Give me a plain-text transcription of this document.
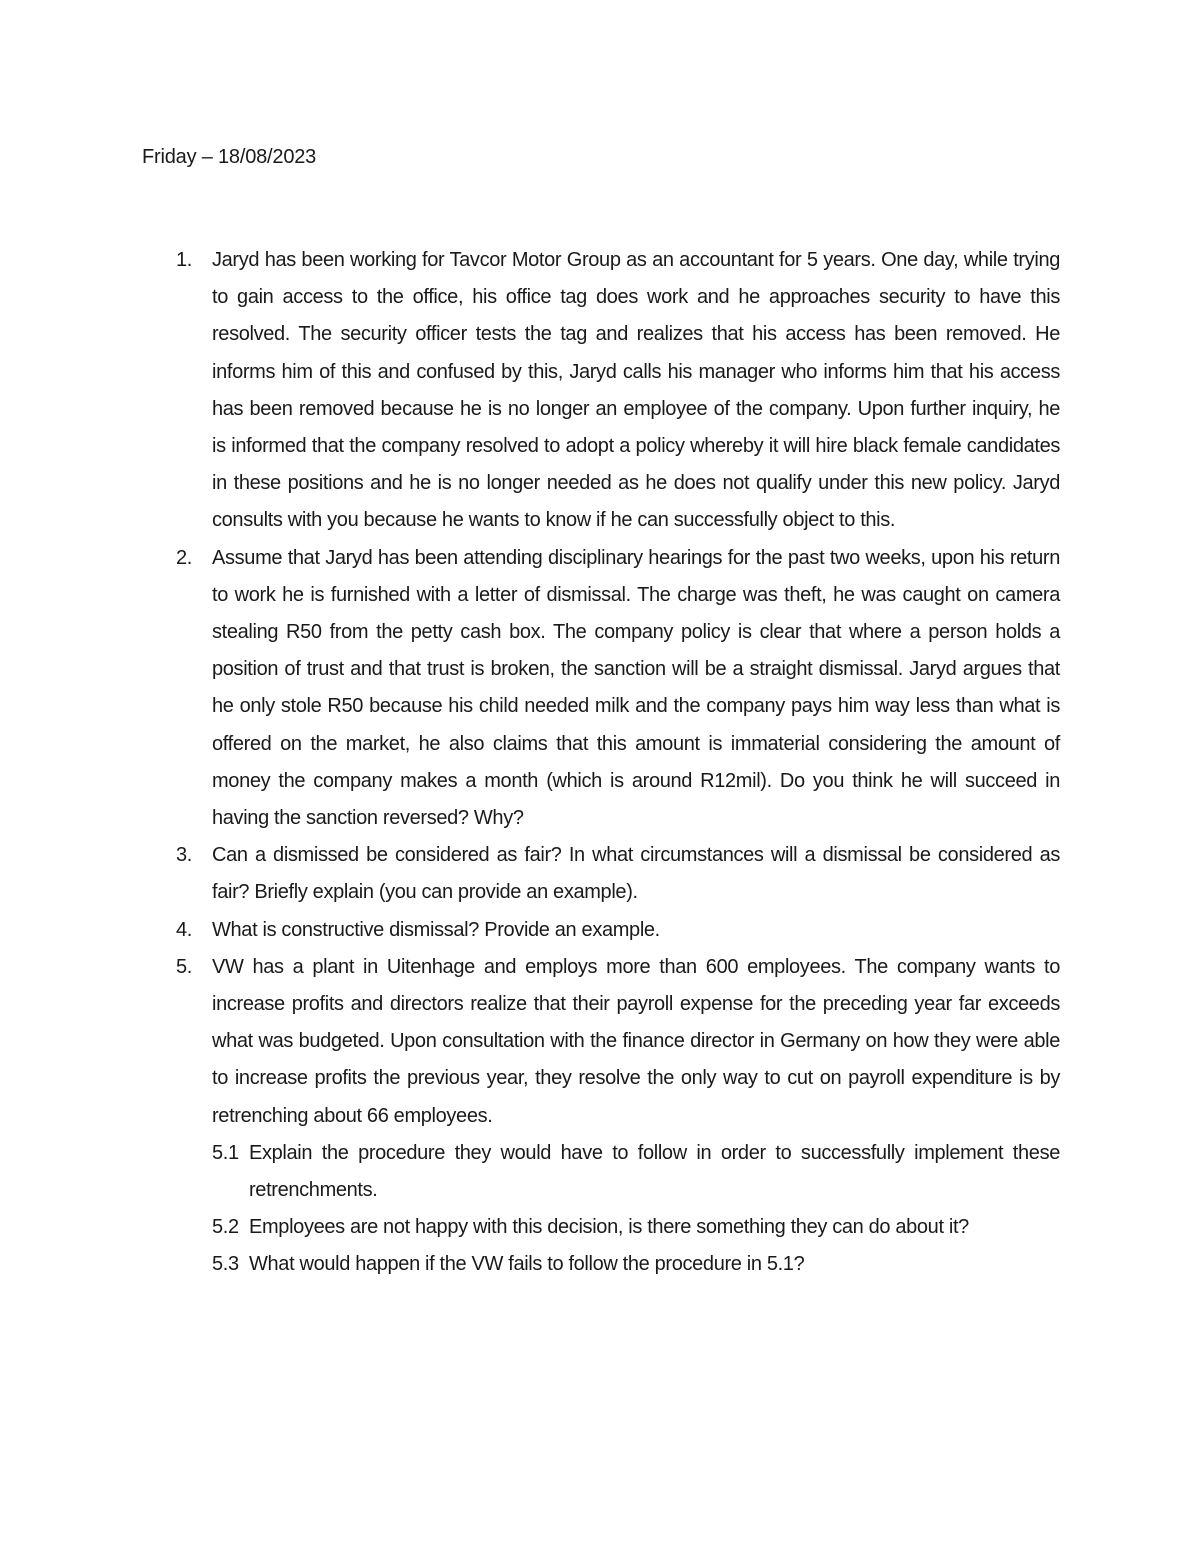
Friday – 18/08/2023
1. Jaryd has been working for Tavcor Motor Group as an accountant for 5 years. One day, while trying to gain access to the office, his office tag does work and he approaches security to have this resolved. The security officer tests the tag and realizes that his access has been removed. He informs him of this and confused by this, Jaryd calls his manager who informs him that his access has been removed because he is no longer an employee of the company. Upon further inquiry, he is informed that the company resolved to adopt a policy whereby it will hire black female candidates in these positions and he is no longer needed as he does not qualify under this new policy. Jaryd consults with you because he wants to know if he can successfully object to this.
2. Assume that Jaryd has been attending disciplinary hearings for the past two weeks, upon his return to work he is furnished with a letter of dismissal. The charge was theft, he was caught on camera stealing R50 from the petty cash box. The company policy is clear that where a person holds a position of trust and that trust is broken, the sanction will be a straight dismissal. Jaryd argues that he only stole R50 because his child needed milk and the company pays him way less than what is offered on the market, he also claims that this amount is immaterial considering the amount of money the company makes a month (which is around R12mil). Do you think he will succeed in having the sanction reversed? Why?
3. Can a dismissed be considered as fair? In what circumstances will a dismissal be considered as fair? Briefly explain (you can provide an example).
4. What is constructive dismissal? Provide an example.
5. VW has a plant in Uitenhage and employs more than 600 employees. The company wants to increase profits and directors realize that their payroll expense for the preceding year far exceeds what was budgeted. Upon consultation with the finance director in Germany on how they were able to increase profits the previous year, they resolve the only way to cut on payroll expenditure is by retrenching about 66 employees.
5.1 Explain the procedure they would have to follow in order to successfully implement these retrenchments.
5.2 Employees are not happy with this decision, is there something they can do about it?
5.3 What would happen if the VW fails to follow the procedure in 5.1?
